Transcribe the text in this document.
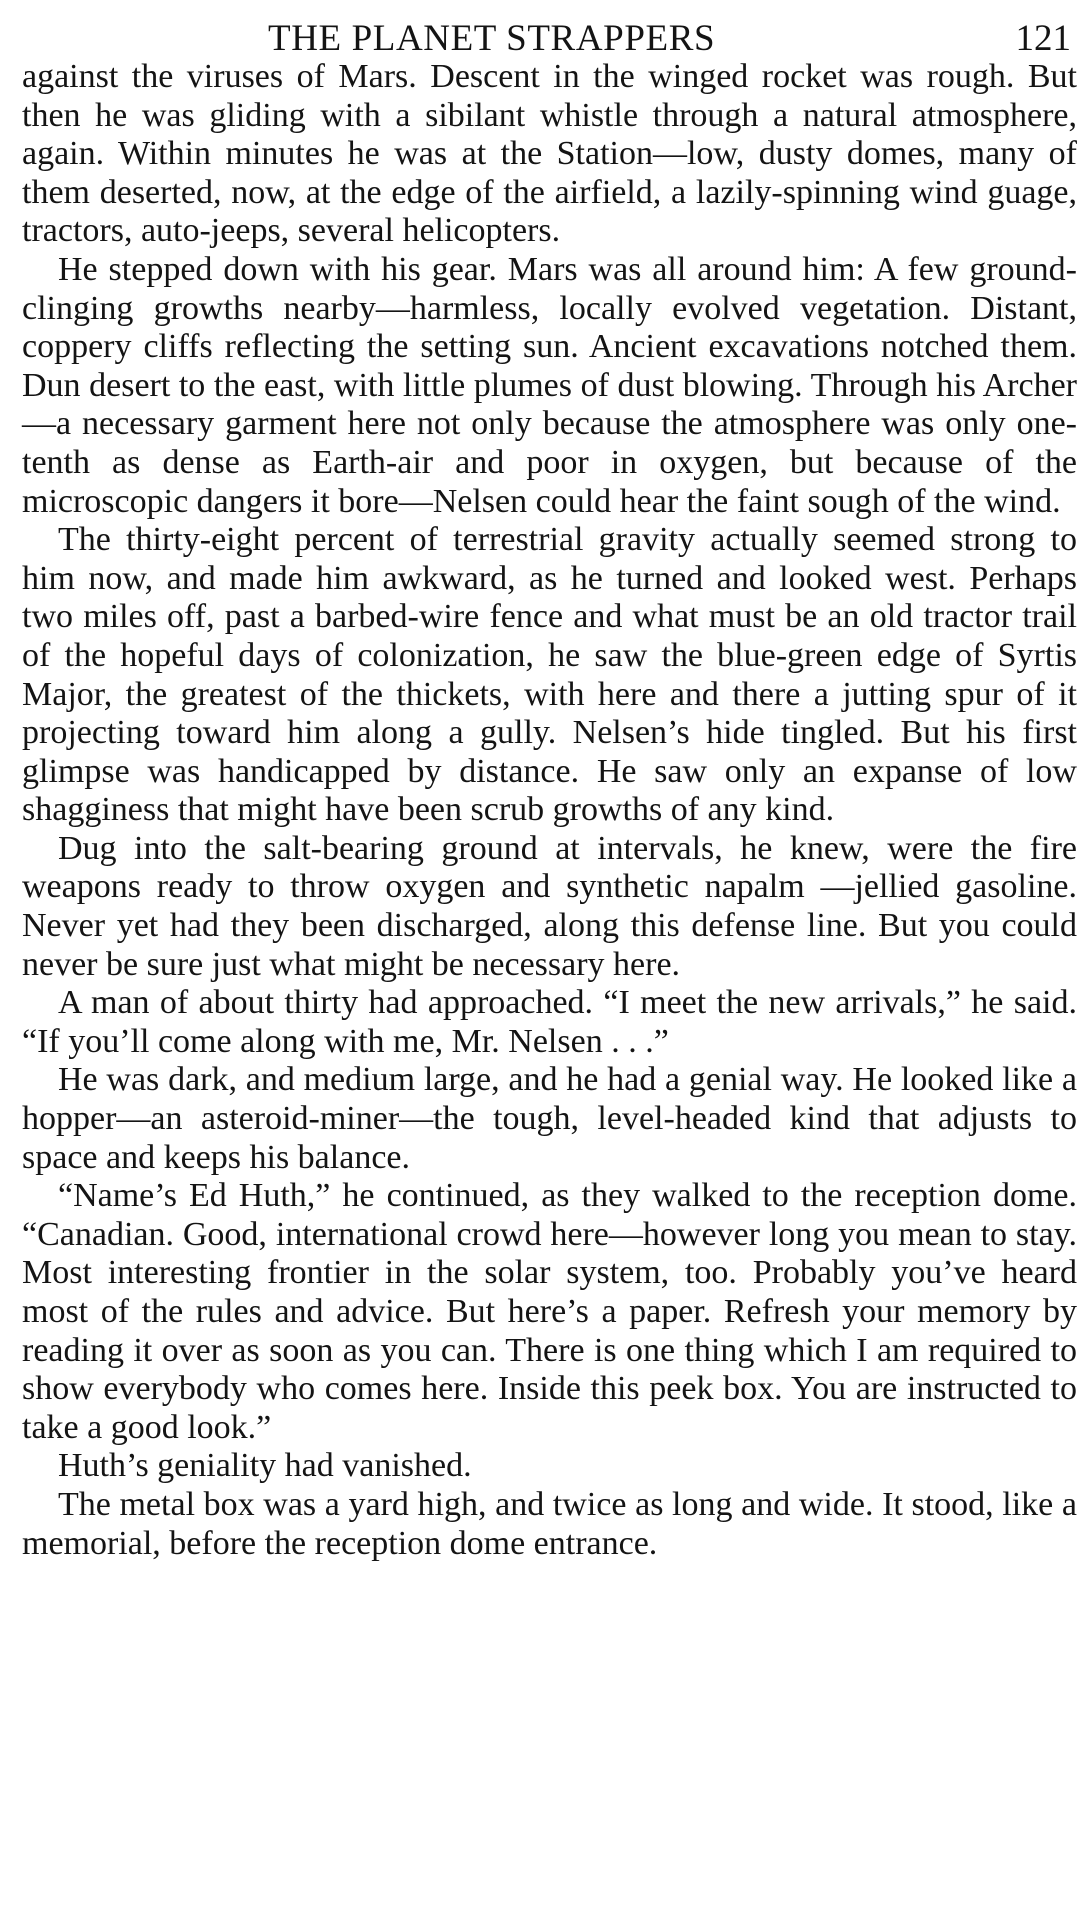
THE PLANET STRAPPERS	121

against the viruses of Mars. Descent in the winged rocket was rough. But then he was gliding with a sibilant whistle through a natural atmosphere, again. Within minutes he was at the Station—low, dusty domes, many of them deserted, now, at the edge of the airfield, a lazily-spinning wind guage, tractors, auto-jeeps, several helicopters.

He stepped down with his gear. Mars was all around him: A few ground-clinging growths nearby—harmless, locally evolved vegetation. Distant, coppery cliffs reflecting the setting sun. Ancient excavations notched them. Dun desert to the east, with little plumes of dust blowing. Through his Archer—a necessary garment here not only because the atmosphere was only one-tenth as dense as Earth-air and poor in oxygen, but because of the microscopic dangers it bore—Nelsen could hear the faint sough of the wind.

The thirty-eight percent of terrestrial gravity actually seemed strong to him now, and made him awkward, as he turned and looked west. Perhaps two miles off, past a barbed-wire fence and what must be an old tractor trail of the hopeful days of colonization, he saw the blue-green edge of Syrtis Major, the greatest of the thickets, with here and there a jutting spur of it projecting toward him along a gully. Nelsen’s hide tingled. But his first glimpse was handicapped by distance. He saw only an expanse of low shagginess that might have been scrub growths of any kind.

Dug into the salt-bearing ground at intervals, he knew, were the fire weapons ready to throw oxygen and synthetic napalm —jellied gasoline. Never yet had they been discharged, along this defense line. But you could never be sure just what might be necessary here.

A man of about thirty had approached. “I meet the new arrivals,” he said. “If you’ll come along with me, Mr. Nelsen . . .”

He was dark, and medium large, and he had a genial way. He looked like a hopper—an asteroid-miner—the tough, level-headed kind that adjusts to space and keeps his balance.

“Name’s Ed Huth,” he continued, as they walked to the reception dome. “Canadian. Good, international crowd here—however long you mean to stay. Most interesting frontier in the solar system, too. Probably you’ve heard most of the rules and advice. But here’s a paper. Refresh your memory by reading it over as soon as you can. There is one thing which I am required to show everybody who comes here. Inside this peek box. You are instructed to take a good look.”

Huth’s geniality had vanished.

The metal box was a yard high, and twice as long and wide. It stood, like a memorial, before the reception dome entrance.
